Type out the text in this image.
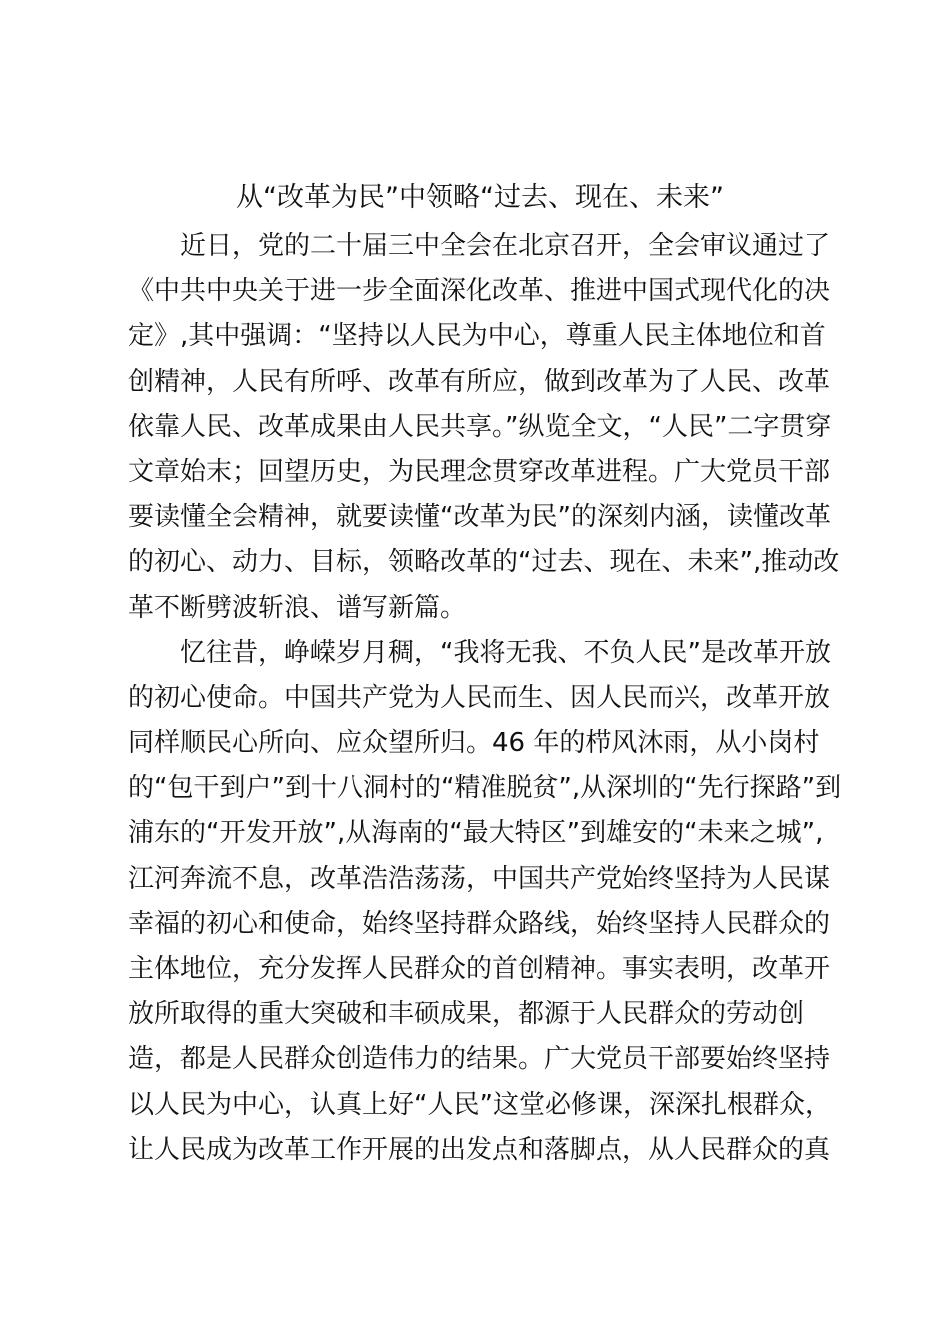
从“改革为民”中领略“过去、现在、未来”
近日，党的二十届三中全会在北京召开，全会审议通过了
《中共中央关于进一步全面深化改革、推进中国式现代化的决
定》,其中强调：“坚持以人民为中心，尊重人民主体地位和首
创精神，人民有所呼、改革有所应，做到改革为了人民、改革
依靠人民、改革成果由人民共享。”纵览全文，“人民”二字贯穿
文章始末；回望历史，为民理念贯穿改革进程。广大党员干部
要读懂全会精神，就要读懂“改革为民”的深刻内涵，读懂改革
的初心、动力、目标，领略改革的“过去、现在、未来”,推动改
革不断劈波斩浪、谱写新篇。
忆往昔，峥嵘岁月稠，“我将无我、不负人民”是改革开放
的初心使命。中国共产党为人民而生、因人民而兴，改革开放
同样顺民心所向、应众望所归。46 年的栉风沐雨，从小岗村
的“包干到户”到十八洞村的“精准脱贫”,从深圳的“先行探路”到
浦东的“开发开放”,从海南的“最大特区”到雄安的“未来之城”,
江河奔流不息，改革浩浩荡荡，中国共产党始终坚持为人民谋
幸福的初心和使命，始终坚持群众路线，始终坚持人民群众的
主体地位，充分发挥人民群众的首创精神。事实表明，改革开
放所取得的重大突破和丰硕成果，都源于人民群众的劳动创
造，都是人民群众创造伟力的结果。广大党员干部要始终坚持
以人民为中心，认真上好“人民”这堂必修课，深深扎根群众，
让人民成为改革工作开展的出发点和落脚点，从人民群众的真
